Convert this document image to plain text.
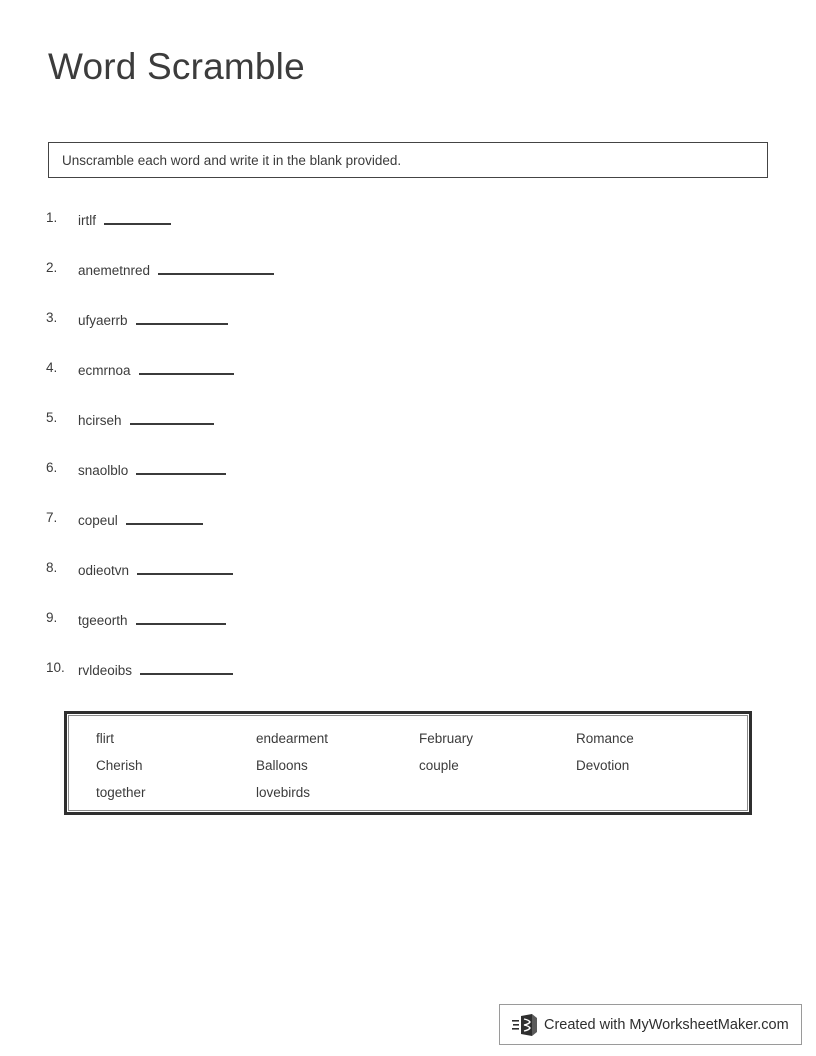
Word Scramble
Unscramble each word and write it in the blank provided.
1.	irtlf
2.	anemetnred
3.	ufyaerrb
4.	ecmrnoa
5.	hcirseh
6.	snaolblo
7.	copeul
8.	odieotvn
9.	tgeeorth
10. rvldeoibs
flirt	endearment	February	Romance
Cherish	Balloons	couple	Devotion
together	lovebirds
Created with MyWorksheetMaker.com
